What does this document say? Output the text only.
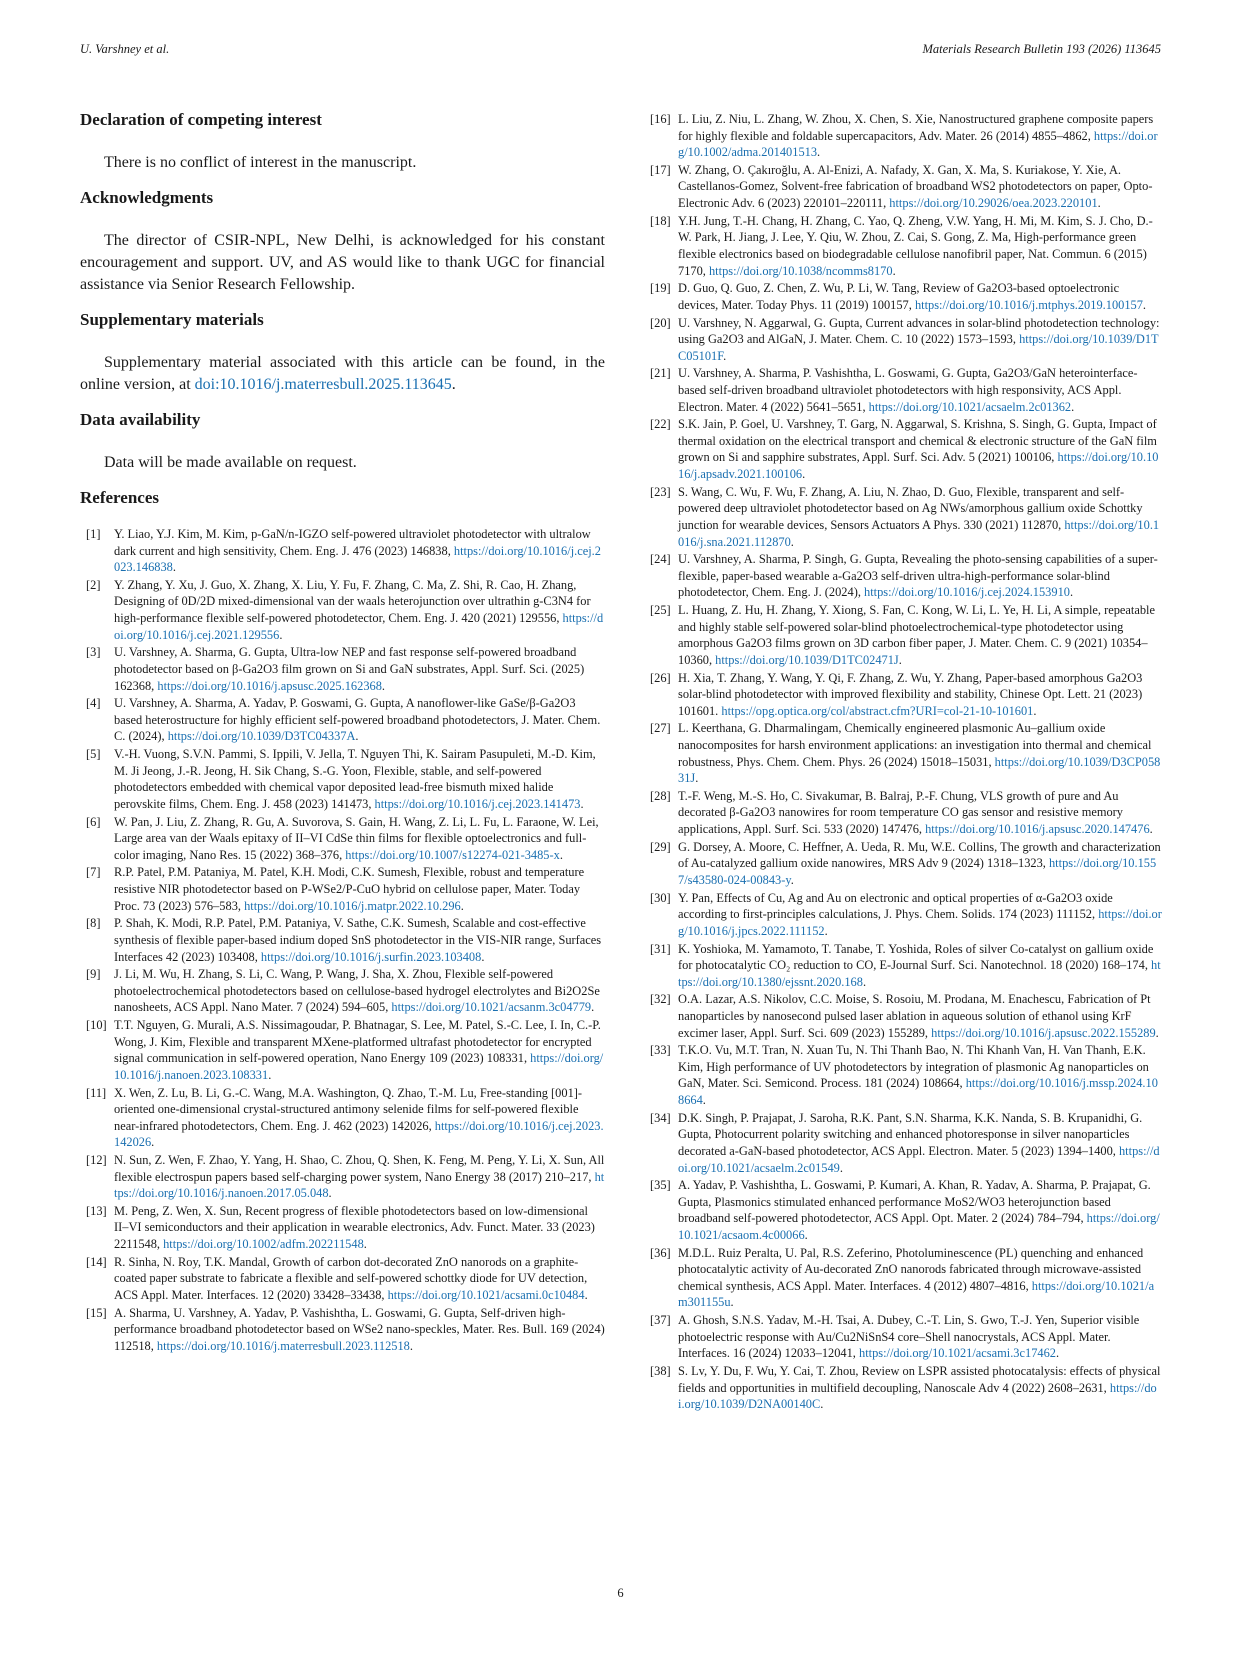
U. Varshney et al.	Materials Research Bulletin 193 (2026) 113645
Declaration of competing interest

There is no conflict of interest in the manuscript.

Acknowledgments

The director of CSIR-NPL, New Delhi, is acknowledged for his constant encouragement and support. UV, and AS would like to thank UGC for financial assistance via Senior Research Fellowship.

Supplementary materials

Supplementary material associated with this article can be found, in the online version, at doi:10.1016/j.materresbull.2025.113645.

Data availability

Data will be made available on request.

References
[1] Y. Liao, Y.J. Kim, M. Kim, p-GaN/n-IGZO self-powered ultraviolet photodetector with ultralow dark current and high sensitivity, Chem. Eng. J. 476 (2023) 146838, https://doi.org/10.1016/j.cej.2023.146838.
[2] Y. Zhang, Y. Xu, J. Guo, X. Zhang, X. Liu, Y. Fu, F. Zhang, C. Ma, Z. Shi, R. Cao, H. Zhang, Designing of 0D/2D mixed-dimensional van der waals heterojunction over ultrathin g-C3N4 for high-performance flexible self-powered photodetector, Chem. Eng. J. 420 (2021) 129556, https://doi.org/10.1016/j.cej.2021.129556.
[3] U. Varshney, A. Sharma, G. Gupta, Ultra-low NEP and fast response self-powered broadband photodetector based on β-Ga2O3 film grown on Si and GaN substrates, Appl. Surf. Sci. (2025) 162368, https://doi.org/10.1016/j.apsusc.2025.162368.
[4] U. Varshney, A. Sharma, A. Yadav, P. Goswami, G. Gupta, A nanoflower-like GaSe/β-Ga2O3 based heterostructure for highly efficient self-powered broadband photodetectors, J. Mater. Chem. C. (2024), https://doi.org/10.1039/D3TC04337A.
[5] V.-H. Vuong, S.V.N. Pammi, S. Ippili, V. Jella, T. Nguyen Thi, K. Sairam Pasupuleti, M.-D. Kim, M. Ji Jeong, J.-R. Jeong, H. Sik Chang, S.-G. Yoon, Flexible, stable, and self-powered photodetectors embedded with chemical vapor deposited lead-free bismuth mixed halide perovskite films, Chem. Eng. J. 458 (2023) 141473, https://doi.org/10.1016/j.cej.2023.141473.
[6] W. Pan, J. Liu, Z. Zhang, R. Gu, A. Suvorova, S. Gain, H. Wang, Z. Li, L. Fu, L. Faraone, W. Lei, Large area van der Waals epitaxy of II–VI CdSe thin films for flexible optoelectronics and full-color imaging, Nano Res. 15 (2022) 368–376, https://doi.org/10.1007/s12274-021-3485-x.
[7] R.P. Patel, P.M. Pataniya, M. Patel, K.H. Modi, C.K. Sumesh, Flexible, robust and temperature resistive NIR photodetector based on P-WSe2/P-CuO hybrid on cellulose paper, Mater. Today Proc. 73 (2023) 576–583, https://doi.org/10.1016/j.matpr.2022.10.296.
[8] P. Shah, K. Modi, R.P. Patel, P.M. Pataniya, V. Sathe, C.K. Sumesh, Scalable and cost-effective synthesis of flexible paper-based indium doped SnS photodetector in the VIS-NIR range, Surfaces Interfaces 42 (2023) 103408, https://doi.org/10.1016/j.surfin.2023.103408.
[9] J. Li, M. Wu, H. Zhang, S. Li, C. Wang, P. Wang, J. Sha, X. Zhou, Flexible self-powered photoelectrochemical photodetectors based on cellulose-based hydrogel electrolytes and Bi2O2Se nanosheets, ACS Appl. Nano Mater. 7 (2024) 594–605, https://doi.org/10.1021/acsanm.3c04779.
[10] T.T. Nguyen, G. Murali, A.S. Nissimagoudar, P. Bhatnagar, S. Lee, M. Patel, S.-C. Lee, I. In, C.-P. Wong, J. Kim, Flexible and transparent MXene-platformed ultrafast photodetector for encrypted signal communication in self-powered operation, Nano Energy 109 (2023) 108331, https://doi.org/10.1016/j.nanoen.2023.108331.
[11] X. Wen, Z. Lu, B. Li, G.-C. Wang, M.A. Washington, Q. Zhao, T.-M. Lu, Free-standing [001]-oriented one-dimensional crystal-structured antimony selenide films for self-powered flexible near-infrared photodetectors, Chem. Eng. J. 462 (2023) 142026, https://doi.org/10.1016/j.cej.2023.142026.
[12] N. Sun, Z. Wen, F. Zhao, Y. Yang, H. Shao, C. Zhou, Q. Shen, K. Feng, M. Peng, Y. Li, X. Sun, All flexible electrospun papers based self-charging power system, Nano Energy 38 (2017) 210–217, https://doi.org/10.1016/j.nanoen.2017.05.048.
[13] M. Peng, Z. Wen, X. Sun, Recent progress of flexible photodetectors based on low-dimensional II–VI semiconductors and their application in wearable electronics, Adv. Funct. Mater. 33 (2023) 2211548, https://doi.org/10.1002/adfm.202211548.
[14] R. Sinha, N. Roy, T.K. Mandal, Growth of carbon dot-decorated ZnO nanorods on a graphite-coated paper substrate to fabricate a flexible and self-powered schottky diode for UV detection, ACS Appl. Mater. Interfaces. 12 (2020) 33428–33438, https://doi.org/10.1021/acsami.0c10484.
[15] A. Sharma, U. Varshney, A. Yadav, P. Vashishtha, L. Goswami, G. Gupta, Self-driven high-performance broadband photodetector based on WSe2 nano-speckles, Mater. Res. Bull. 169 (2024) 112518, https://doi.org/10.1016/j.materresbull.2023.112518.
[16] L. Liu, Z. Niu, L. Zhang, W. Zhou, X. Chen, S. Xie, Nanostructured graphene composite papers for highly flexible and foldable supercapacitors, Adv. Mater. 26 (2014) 4855–4862, https://doi.org/10.1002/adma.201401513.
[17] W. Zhang, O. Çakıroğlu, A. Al-Enizi, A. Nafady, X. Gan, X. Ma, S. Kuriakose, Y. Xie, A. Castellanos-Gomez, Solvent-free fabrication of broadband WS2 photodetectors on paper, Opto-Electronic Adv. 6 (2023) 220101–220111, https://doi.org/10.29026/oea.2023.220101.
[18] Y.H. Jung, T.-H. Chang, H. Zhang, C. Yao, Q. Zheng, V.W. Yang, H. Mi, M. Kim, S. J. Cho, D.-W. Park, H. Jiang, J. Lee, Y. Qiu, W. Zhou, Z. Cai, S. Gong, Z. Ma, High-performance green flexible electronics based on biodegradable cellulose nanofibril paper, Nat. Commun. 6 (2015) 7170, https://doi.org/10.1038/ncomms8170.
[19] D. Guo, Q. Guo, Z. Chen, Z. Wu, P. Li, W. Tang, Review of Ga2O3-based optoelectronic devices, Mater. Today Phys. 11 (2019) 100157, https://doi.org/10.1016/j.mtphys.2019.100157.
[20] U. Varshney, N. Aggarwal, G. Gupta, Current advances in solar-blind photodetection technology: using Ga2O3 and AlGaN, J. Mater. Chem. C. 10 (2022) 1573–1593, https://doi.org/10.1039/D1TC05101F.
[21] U. Varshney, A. Sharma, P. Vashishtha, L. Goswami, G. Gupta, Ga2O3/GaN heterointerface-based self-driven broadband ultraviolet photodetectors with high responsivity, ACS Appl. Electron. Mater. 4 (2022) 5641–5651, https://doi.org/10.1021/acsaelm.2c01362.
[22] S.K. Jain, P. Goel, U. Varshney, T. Garg, N. Aggarwal, S. Krishna, S. Singh, G. Gupta, Impact of thermal oxidation on the electrical transport and chemical & electronic structure of the GaN film grown on Si and sapphire substrates, Appl. Surf. Sci. Adv. 5 (2021) 100106, https://doi.org/10.1016/j.apsadv.2021.100106.
[23] S. Wang, C. Wu, F. Wu, F. Zhang, A. Liu, N. Zhao, D. Guo, Flexible, transparent and self-powered deep ultraviolet photodetector based on Ag NWs/amorphous gallium oxide Schottky junction for wearable devices, Sensors Actuators A Phys. 330 (2021) 112870, https://doi.org/10.1016/j.sna.2021.112870.
[24] U. Varshney, A. Sharma, P. Singh, G. Gupta, Revealing the photo-sensing capabilities of a super-flexible, paper-based wearable a-Ga2O3 self-driven ultra-high-performance solar-blind photodetector, Chem. Eng. J. (2024), https://doi.org/10.1016/j.cej.2024.153910.
[25] L. Huang, Z. Hu, H. Zhang, Y. Xiong, S. Fan, C. Kong, W. Li, L. Ye, H. Li, A simple, repeatable and highly stable self-powered solar-blind photoelectrochemical-type photodetector using amorphous Ga2O3 films grown on 3D carbon fiber paper, J. Mater. Chem. C. 9 (2021) 10354–10360, https://doi.org/10.1039/D1TC02471J.
[26] H. Xia, T. Zhang, Y. Wang, Y. Qi, F. Zhang, Z. Wu, Y. Zhang, Paper-based amorphous Ga2O3 solar-blind photodetector with improved flexibility and stability, Chinese Opt. Lett. 21 (2023) 101601. https://opg.optica.org/col/abstract.cfm?URI=col-21-10-101601.
[27] L. Keerthana, G. Dharmalingam, Chemically engineered plasmonic Au–gallium oxide nanocomposites for harsh environment applications: an investigation into thermal and chemical robustness, Phys. Chem. Chem. Phys. 26 (2024) 15018–15031, https://doi.org/10.1039/D3CP05831J.
[28] T.-F. Weng, M.-S. Ho, C. Sivakumar, B. Balraj, P.-F. Chung, VLS growth of pure and Au decorated β-Ga2O3 nanowires for room temperature CO gas sensor and resistive memory applications, Appl. Surf. Sci. 533 (2020) 147476, https://doi.org/10.1016/j.apsusc.2020.147476.
[29] G. Dorsey, A. Moore, C. Heffner, A. Ueda, R. Mu, W.E. Collins, The growth and characterization of Au-catalyzed gallium oxide nanowires, MRS Adv 9 (2024) 1318–1323, https://doi.org/10.1557/s43580-024-00843-y.
[30] Y. Pan, Effects of Cu, Ag and Au on electronic and optical properties of α-Ga2O3 oxide according to first-principles calculations, J. Phys. Chem. Solids. 174 (2023) 111152, https://doi.org/10.1016/j.jpcs.2022.111152.
[31] K. Yoshioka, M. Yamamoto, T. Tanabe, T. Yoshida, Roles of silver Co-catalyst on gallium oxide for photocatalytic CO₂ reduction to CO, E-Journal Surf. Sci. Nanotechnol. 18 (2020) 168–174, https://doi.org/10.1380/ejssnt.2020.168.
[32] O.A. Lazar, A.S. Nikolov, C.C. Moise, S. Rosoiu, M. Prodana, M. Enachescu, Fabrication of Pt nanoparticles by nanosecond pulsed laser ablation in aqueous solution of ethanol using KrF excimer laser, Appl. Surf. Sci. 609 (2023) 155289, https://doi.org/10.1016/j.apsusc.2022.155289.
[33] T.K.O. Vu, M.T. Tran, N. Xuan Tu, N. Thi Thanh Bao, N. Thi Khanh Van, H. Van Thanh, E.K. Kim, High performance of UV photodetectors by integration of plasmonic Ag nanoparticles on GaN, Mater. Sci. Semicond. Process. 181 (2024) 108664, https://doi.org/10.1016/j.mssp.2024.108664.
[34] D.K. Singh, P. Prajapat, J. Saroha, R.K. Pant, S.N. Sharma, K.K. Nanda, S. B. Krupanidhi, G. Gupta, Photocurrent polarity switching and enhanced photoresponse in silver nanoparticles decorated a-GaN-based photodetector, ACS Appl. Electron. Mater. 5 (2023) 1394–1400, https://doi.org/10.1021/acsaelm.2c01549.
[35] A. Yadav, P. Vashishtha, L. Goswami, P. Kumari, A. Khan, R. Yadav, A. Sharma, P. Prajapat, G. Gupta, Plasmonics stimulated enhanced performance MoS2/WO3 heterojunction based broadband self-powered photodetector, ACS Appl. Opt. Mater. 2 (2024) 784–794, https://doi.org/10.1021/acsaom.4c00066.
[36] M.D.L. Ruiz Peralta, U. Pal, R.S. Zeferino, Photoluminescence (PL) quenching and enhanced photocatalytic activity of Au-decorated ZnO nanorods fabricated through microwave-assisted chemical synthesis, ACS Appl. Mater. Interfaces. 4 (2012) 4807–4816, https://doi.org/10.1021/am301155u.
[37] A. Ghosh, S.N.S. Yadav, M.-H. Tsai, A. Dubey, C.-T. Lin, S. Gwo, T.-J. Yen, Superior visible photoelectric response with Au/Cu2NiSnS4 core–Shell nanocrystals, ACS Appl. Mater. Interfaces. 16 (2024) 12033–12041, https://doi.org/10.1021/acsami.3c17462.
[38] S. Lv, Y. Du, F. Wu, Y. Cai, T. Zhou, Review on LSPR assisted photocatalysis: effects of physical fields and opportunities in multifield decoupling, Nanoscale Adv 4 (2022) 2608–2631, https://doi.org/10.1039/D2NA00140C.
6
